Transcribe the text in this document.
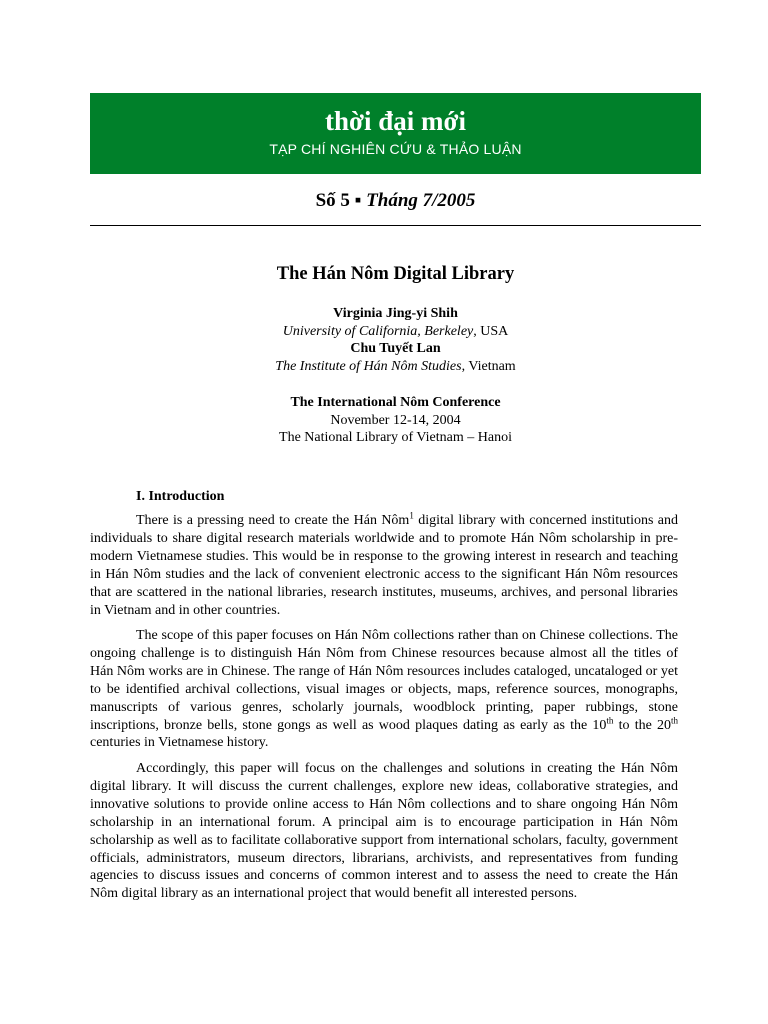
thời đại mới
TẠP CHÍ NGHIÊN CỨU & THẢO LUẬN
Số 5 ▪ Tháng 7/2005
The Hán Nôm Digital Library
Virginia Jing-yi Shih
University of California, Berkeley, USA
Chu Tuyết Lan
The Institute of Hán Nôm Studies, Vietnam
The International Nôm Conference
November 12-14, 2004
The National Library of Vietnam – Hanoi
I. Introduction
There is a pressing need to create the Hán Nôm$^1$ digital library with concerned institutions and individuals to share digital research materials worldwide and to promote Hán Nôm scholarship in pre-modern Vietnamese studies. This would be in response to the growing interest in research and teaching in Hán Nôm studies and the lack of convenient electronic access to the significant Hán Nôm resources that are scattered in the national libraries, research institutes, museums, archives, and personal libraries in Vietnam and in other countries.
The scope of this paper focuses on Hán Nôm collections rather than on Chinese collections. The ongoing challenge is to distinguish Hán Nôm from Chinese resources because almost all the titles of Hán Nôm works are in Chinese. The range of Hán Nôm resources includes cataloged, uncataloged or yet to be identified archival collections, visual images or objects, maps, reference sources, monographs, manuscripts of various genres, scholarly journals, woodblock printing, paper rubbings, stone inscriptions, bronze bells, stone gongs as well as wood plaques dating as early as the 10th to the 20th centuries in Vietnamese history.
Accordingly, this paper will focus on the challenges and solutions in creating the Hán Nôm digital library. It will discuss the current challenges, explore new ideas, collaborative strategies, and innovative solutions to provide online access to Hán Nôm collections and to share ongoing Hán Nôm scholarship in an international forum. A principal aim is to encourage participation in Hán Nôm scholarship as well as to facilitate collaborative support from international scholars, faculty, government officials, administrators, museum directors, librarians, archivists, and representatives from funding agencies to discuss issues and concerns of common interest and to assess the need to create the Hán Nôm digital library as an international project that would benefit all interested persons.
